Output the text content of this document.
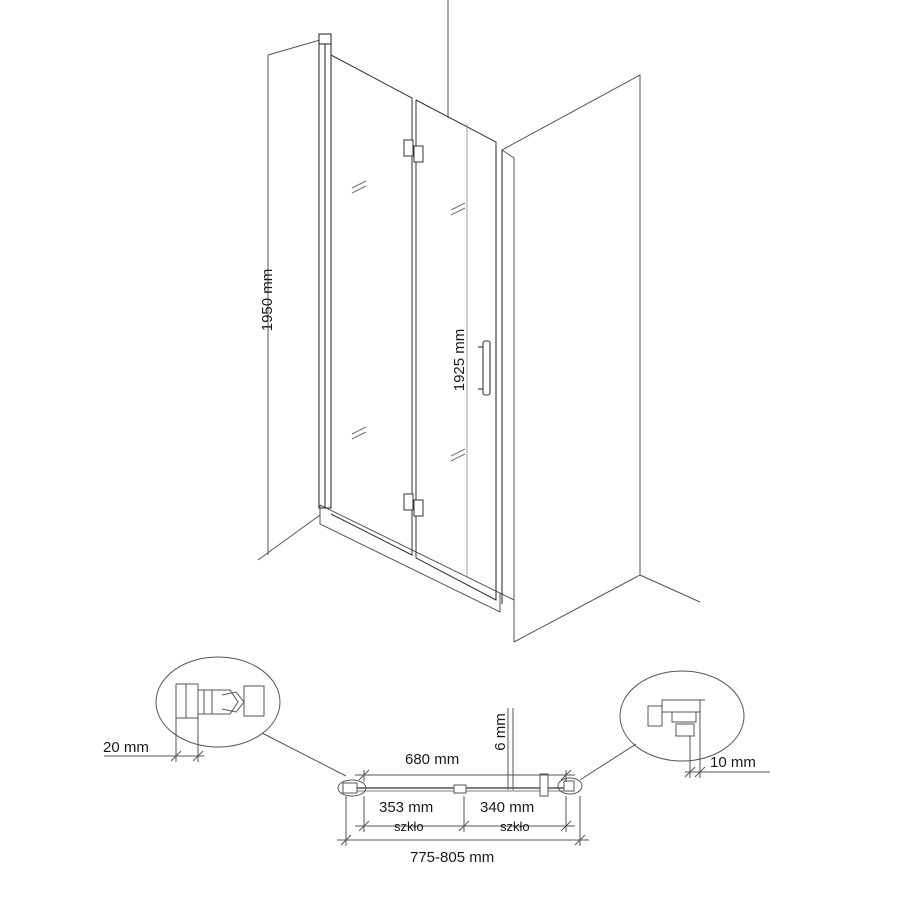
1950 mm
1925 mm
20 mm
10 mm
680 mm
6 mm
353 mm	340 mm
szkło	szkło
775-805 mm
